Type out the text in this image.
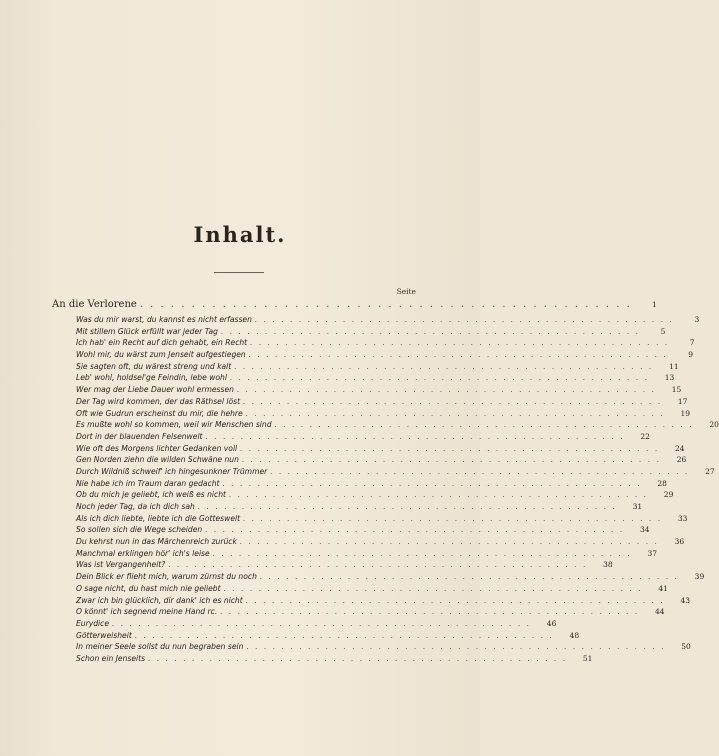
Inhalt.
Seite
An die Verlorene . . . . . . . . . . . . . . . . . . . . . . . . . . . . . . . . . . . . . . . . . . . . . . . .	1
Was du mir warst, du kannst es nicht erfassen . . . . . . . . . . . . . . . . . . . . . . . . . . . . . . . . . . . . . . . . . . . . . . . .	3
Mit stillem Glück erfüllt war jeder Tag . . . . . . . . . . . . . . . . . . . . . . . . . . . . . . . . . . . . . . . . . . . . . . . .	5
Ich hab' ein Recht auf dich gehabt, ein Recht . . . . . . . . . . . . . . . . . . . . . . . . . . . . . . . . . . . . . . . . . . . . . . . .	7
Wohl mir, du wärst zum Jenseit aufgestiegen . . . . . . . . . . . . . . . . . . . . . . . . . . . . . . . . . . . . . . . . . . . . . . . .	9
Sie sagten oft, du wärest streng und kalt . . . . . . . . . . . . . . . . . . . . . . . . . . . . . . . . . . . . . . . . . . . . . . . .	11
Leb' wohl, holdsel'ge Feindin, lebe wohl . . . . . . . . . . . . . . . . . . . . . . . . . . . . . . . . . . . . . . . . . . . . . . . .	13
Wer mag der Liebe Dauer wohl ermessen . . . . . . . . . . . . . . . . . . . . . . . . . . . . . . . . . . . . . . . . . . . . . . . .	15
Der Tag wird kommen, der das Räthsel löst . . . . . . . . . . . . . . . . . . . . . . . . . . . . . . . . . . . . . . . . . . . . . . . .	17
Oft wie Gudrun erscheinst du mir, die hehre . . . . . . . . . . . . . . . . . . . . . . . . . . . . . . . . . . . . . . . . . . . . . . . .	19
Es mußte wohl so kommen, weil wir Menschen sind . . . . . . . . . . . . . . . . . . . . . . . . . . . . . . . . . . . . . . . . . . . . . . . .	20
Dort in der blauenden Felsenwelt . . . . . . . . . . . . . . . . . . . . . . . . . . . . . . . . . . . . . . . . . . . . . . . .	22
Wie oft des Morgens lichter Gedanken voll . . . . . . . . . . . . . . . . . . . . . . . . . . . . . . . . . . . . . . . . . . . . . . . .	24
Gen Norden ziehn die wilden Schwäne nun . . . . . . . . . . . . . . . . . . . . . . . . . . . . . . . . . . . . . . . . . . . . . . . .	26
Durch Wildniß schweif' ich hingesunkner Trümmer . . . . . . . . . . . . . . . . . . . . . . . . . . . . . . . . . . . . . . . . . . . . . . . .	27
Nie habe ich im Traum daran gedacht . . . . . . . . . . . . . . . . . . . . . . . . . . . . . . . . . . . . . . . . . . . . . . . .	28
Ob du mich je geliebt, ich weiß es nicht . . . . . . . . . . . . . . . . . . . . . . . . . . . . . . . . . . . . . . . . . . . . . . . .	29
Noch jeder Tag, da ich dich sah . . . . . . . . . . . . . . . . . . . . . . . . . . . . . . . . . . . . . . . . . . . . . . . .	31
Als ich dich liebte, liebte ich die Gotteswelt . . . . . . . . . . . . . . . . . . . . . . . . . . . . . . . . . . . . . . . . . . . . . . . .	33
So sollen sich die Wege scheiden . . . . . . . . . . . . . . . . . . . . . . . . . . . . . . . . . . . . . . . . . . . . . . . .	34
Du kehrst nun in das Märchenreich zurück . . . . . . . . . . . . . . . . . . . . . . . . . . . . . . . . . . . . . . . . . . . . . . . .	36
Manchmal erklingen hör' ich's leise . . . . . . . . . . . . . . . . . . . . . . . . . . . . . . . . . . . . . . . . . . . . . . . .	37
Was ist Vergangenheit? . . . . . . . . . . . . . . . . . . . . . . . . . . . . . . . . . . . . . . . . . . . . . . . .	38
Dein Blick er flieht mich, warum zürnst du noch . . . . . . . . . . . . . . . . . . . . . . . . . . . . . . . . . . . . . . . . . . . . . . . .	39
O sage nicht, du hast mich nie geliebt . . . . . . . . . . . . . . . . . . . . . . . . . . . . . . . . . . . . . . . . . . . . . . . .	41
Zwar ich bin glücklich, dir dank' ich es nicht . . . . . . . . . . . . . . . . . . . . . . . . . . . . . . . . . . . . . . . . . . . . . . . .	43
O könnt' ich segnend meine Hand rc. . . . . . . . . . . . . . . . . . . . . . . . . . . . . . . . . . . . . . . . . . . . . . . . .	44
Eurydice . . . . . . . . . . . . . . . . . . . . . . . . . . . . . . . . . . . . . . . . . . . . . . . .	46
Götterweisheit . . . . . . . . . . . . . . . . . . . . . . . . . . . . . . . . . . . . . . . . . . . . . . . .	48
In meiner Seele sollst du nun begraben sein . . . . . . . . . . . . . . . . . . . . . . . . . . . . . . . . . . . . . . . . . . . . . . . .	50
Schon ein Jenseits . . . . . . . . . . . . . . . . . . . . . . . . . . . . . . . . . . . . . . . . . . . . . . . .	51
